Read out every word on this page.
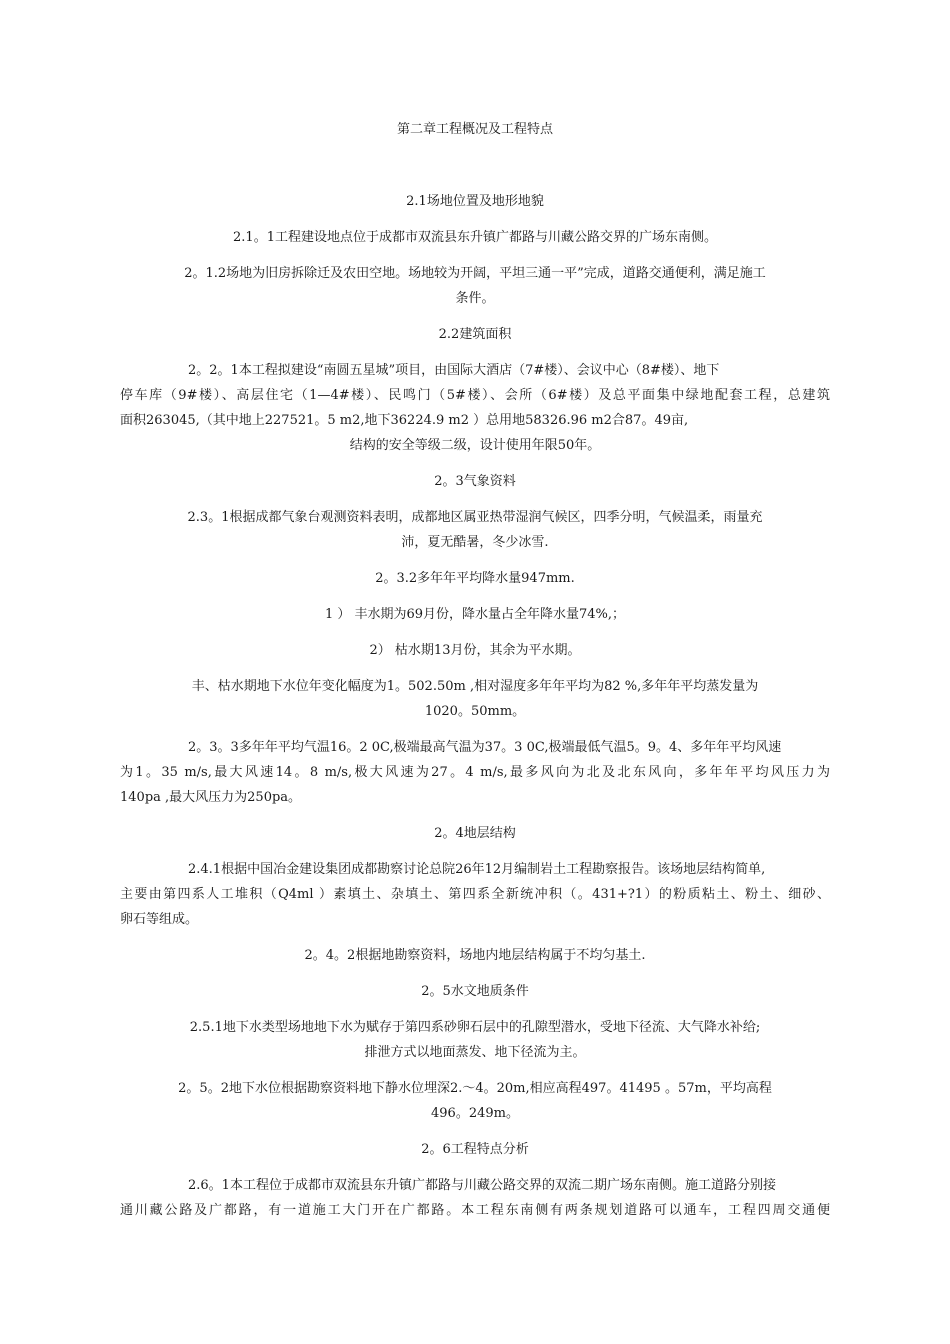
第二章工程概况及工程特点
2.1场地位置及地形地貌
2.1。1工程建设地点位于成都市双流县东升镇广都路与川藏公路交界的广场东南侧。
2。1.2场地为旧房拆除迁及农田空地。场地较为开阔，平坦三通一平”完成，道路交通便利，满足施工
条件。
2.2建筑面积
2。2。1本工程拟建设“南圆五星城”项目，由国际大酒店（7#楼）、会议中心（8#楼）、地下
停车库（9#楼）、高层住宅（1—4#楼）、民鸣门（5#楼）、会所（6#楼）及总平面集中绿地配套工程，总建筑
面积263045,（其中地上227521。5 m2,地下36224.9 m2 ）总用地58326.96 m2合87。49亩,
结构的安全等级二级，设计使用年限50年。
2。3气象资料
2.3。1根据成都气象台观测资料表明，成都地区属亚热带湿润气候区，四季分明，气候温柔，雨量充
沛，夏无酷暑，冬少冰雪.
2。3.2多年年平均降水量947mm.
1 ） 丰水期为69月份，降水量占全年降水量74%,；
2） 枯水期13月份，其余为平水期。
丰、枯水期地下水位年变化幅度为1。502.50m ,相对湿度多年年平均为82 %,多年年平均蒸发量为
1020。50mm。
2。3。3多年年平均气温16。2 0C,极端最高气温为37。3 0C,极端最低气温5。9。4、多年年平均风速
为1。35 m/s,最大风速14。8 m/s,极大风速为27。4 m/s,最多风向为北及北东风向，多年年平均风压力为
140pa ,最大风压力为250pa。
2。4地层结构
2.4.1根据中国冶金建设集团成都勘察讨论总院26年12月编制岩土工程勘察报告。该场地层结构简单,
主要由第四系人工堆积（Q4ml ）素填土、杂填土、第四系全新统冲积（。431+?1）的粉质粘土、粉土、细砂、
卵石等组成。
2。4。2根据地勘察资料，场地内地层结构属于不均匀基土.
2。5水文地质条件
2.5.1地下水类型场地地下水为赋存于第四系砂卵石层中的孔隙型潜水，受地下径流、大气降水补给;
排泄方式以地面蒸发、地下径流为主。
2。5。2地下水位根据勘察资料地下静水位埋深2.〜4。20m,相应高程497。41495 。57m，平均高程
496。249m。
2。6工程特点分析
2.6。1本工程位于成都市双流县东升镇广都路与川藏公路交界的双流二期广场东南侧。施工道路分别接
通川藏公路及广都路，有一道施工大门开在广都路。本工程东南侧有两条规划道路可以通车，工程四周交通便
